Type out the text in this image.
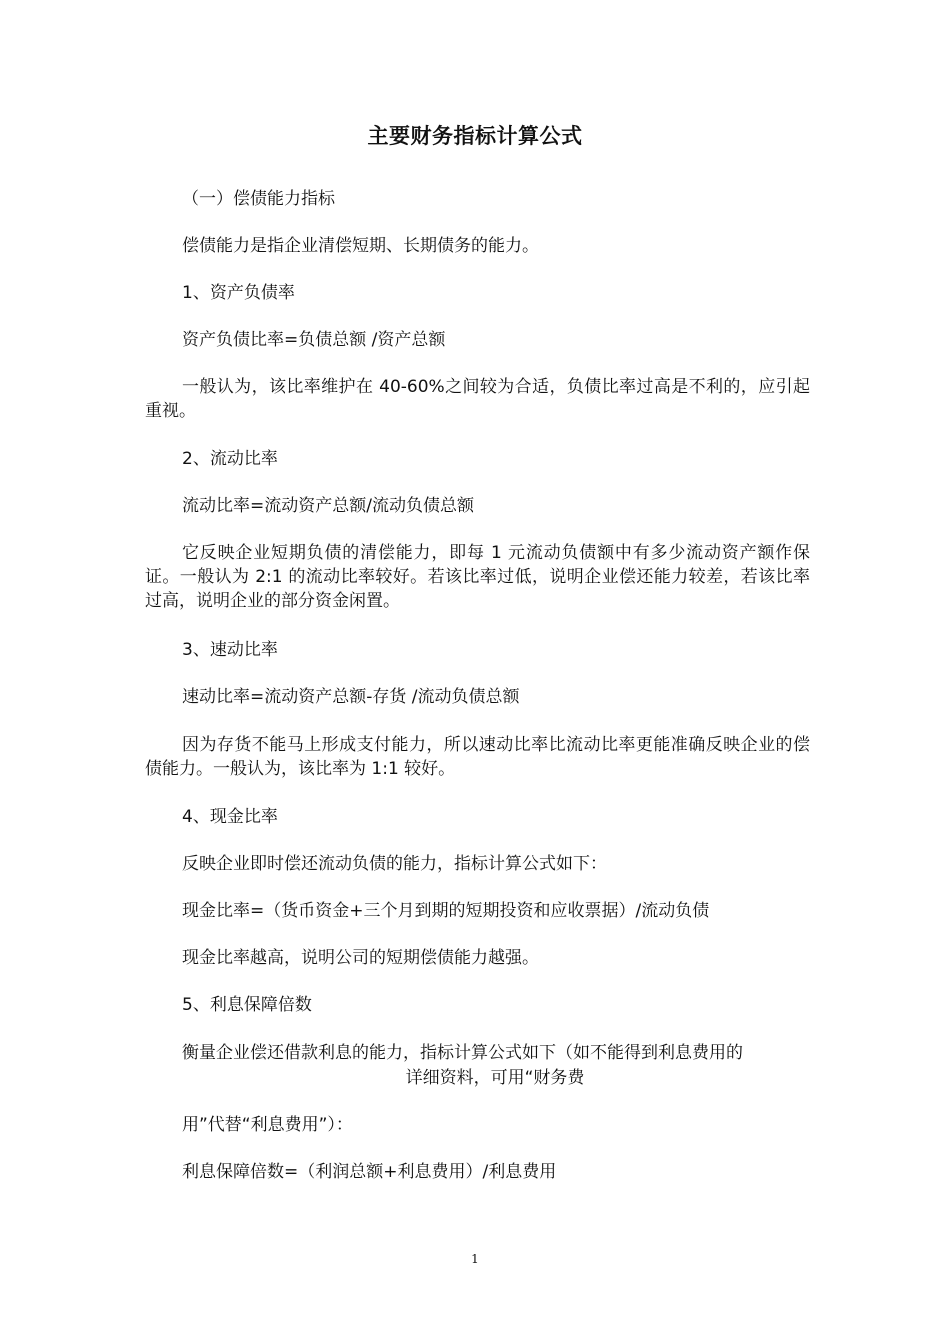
主要财务指标计算公式
（一）偿债能力指标
偿债能力是指企业清偿短期、长期债务的能力。
1、资产负债率
资产负债比率=负债总额 /资产总额
一般认为，该比率维护在 40-60%之间较为合适，负债比率过高是不利的，应引起重视。
2、流动比率
流动比率=流动资产总额/流动负债总额
它反映企业短期负债的清偿能力，即每 1 元流动负债额中有多少流动资产额作保证。一般认为 2:1 的流动比率较好。若该比率过低，说明企业偿还能力较差，若该比率过高，说明企业的部分资金闲置。
3、速动比率
速动比率=流动资产总额-存货 /流动负债总额
因为存货不能马上形成支付能力，所以速动比率比流动比率更能准确反映企业的偿债能力。一般认为，该比率为 1:1 较好。
4、现金比率
反映企业即时偿还流动负债的能力，指标计算公式如下：
现金比率=（货币资金+三个月到期的短期投资和应收票据）/流动负债
现金比率越高，说明公司的短期偿债能力越强。
5、利息保障倍数
衡量企业偿还借款利息的能力，指标计算公式如下（如不能得到利息费用的
详细资料，可用“财务费
用”代替“利息费用”）：
利息保障倍数=（利润总额+利息费用）/利息费用
1
